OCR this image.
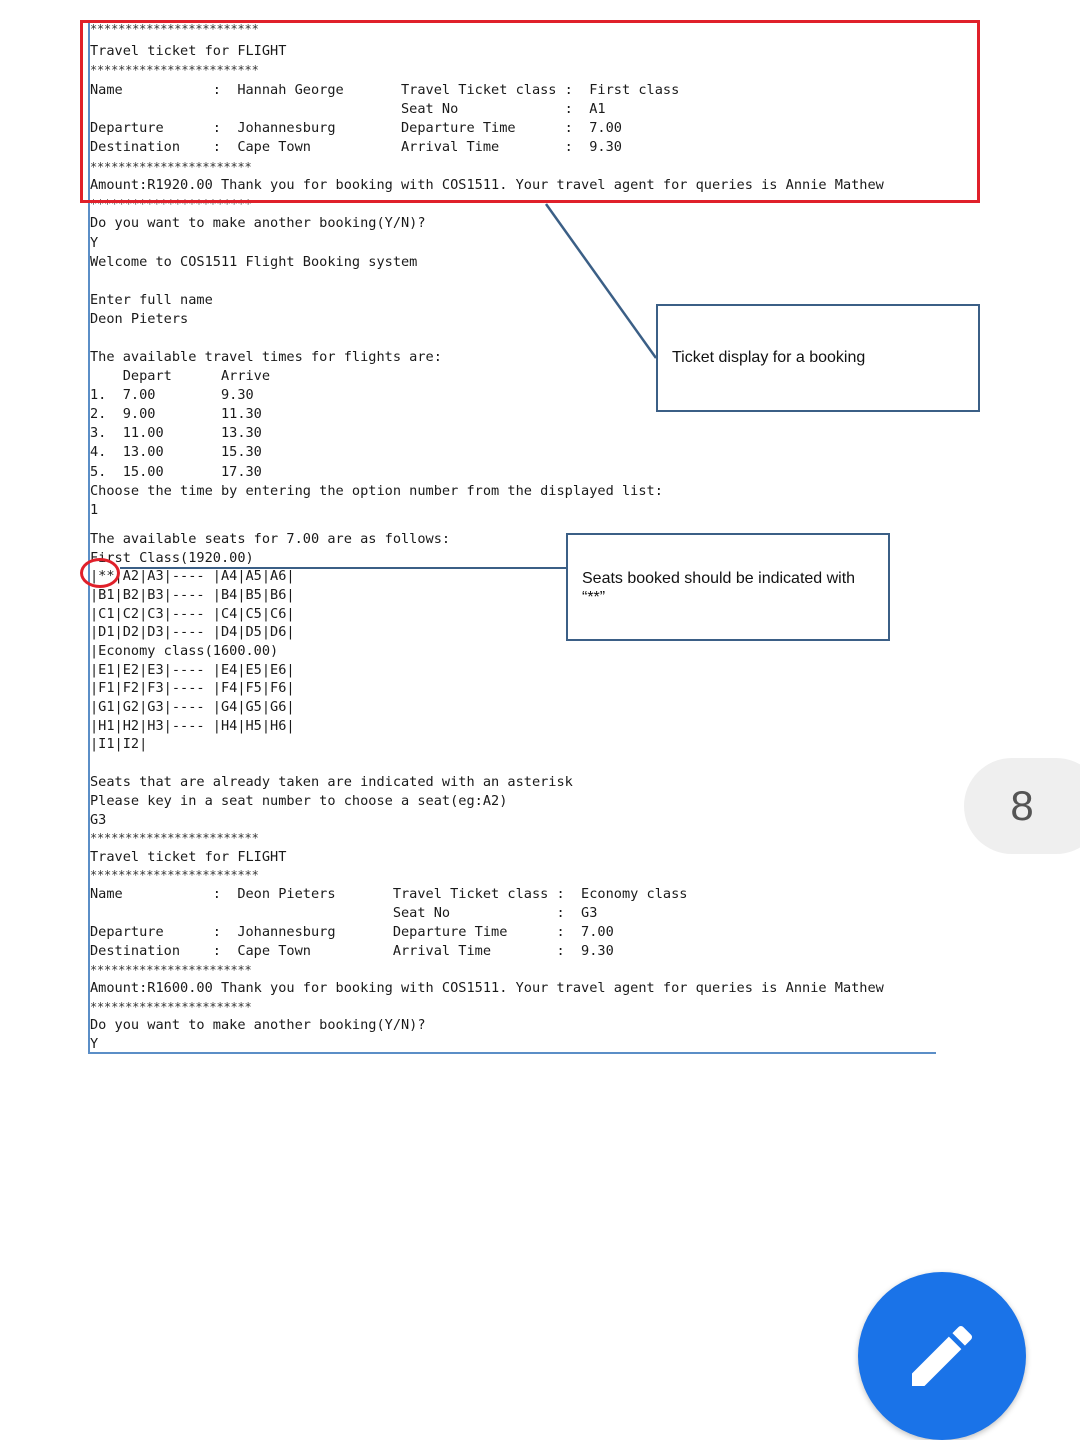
************************
Travel ticket for FLIGHT
************************
Name           :  Hannah George       Travel Ticket class :  First class
Seat No             :  A1
Departure      :  Johannesburg        Departure Time      :  7.00
Destination    :  Cape Town           Arrival Time        :  9.30
***********************
Amount:R1920.00 Thank you for booking with COS1511. Your travel agent for queries is Annie Mathew
***********************
Do you want to make another booking(Y/N)?
Y
Welcome to COS1511 Flight Booking system
Enter full name
Deon Pieters
The available travel times for flights are:
Depart      Arrive
1.  7.00        9.30
2.  9.00        11.30
3.  11.00       13.30
4.  13.00       15.30
5.  15.00       17.30
Choose the time by entering the option number from the displayed list:
1
The available seats for 7.00 are as follows:
First Class(1920.00)
|**|A2|A3|---- |A4|A5|A6|
|B1|B2|B3|---- |B4|B5|B6|
|C1|C2|C3|---- |C4|C5|C6|
|D1|D2|D3|---- |D4|D5|D6|
|Economy class(1600.00)
|E1|E2|E3|---- |E4|E5|E6|
|F1|F2|F3|---- |F4|F5|F6|
|G1|G2|G3|---- |G4|G5|G6|
|H1|H2|H3|---- |H4|H5|H6|
|I1|I2|
Seats that are already taken are indicated with an asterisk
Please key in a seat number to choose a seat(eg:A2)
G3
************************
Travel ticket for FLIGHT
************************
Name           :  Deon Pieters       Travel Ticket class :  Economy class
Seat No             :  G3
Departure      :  Johannesburg       Departure Time      :  7.00
Destination    :  Cape Town          Arrival Time        :  9.30
***********************
Amount:R1600.00 Thank you for booking with COS1511. Your travel agent for queries is Annie Mathew
***********************
Do you want to make another booking(Y/N)?
Y
Ticket display for a booking
Seats booked should be indicated with “**”
8
